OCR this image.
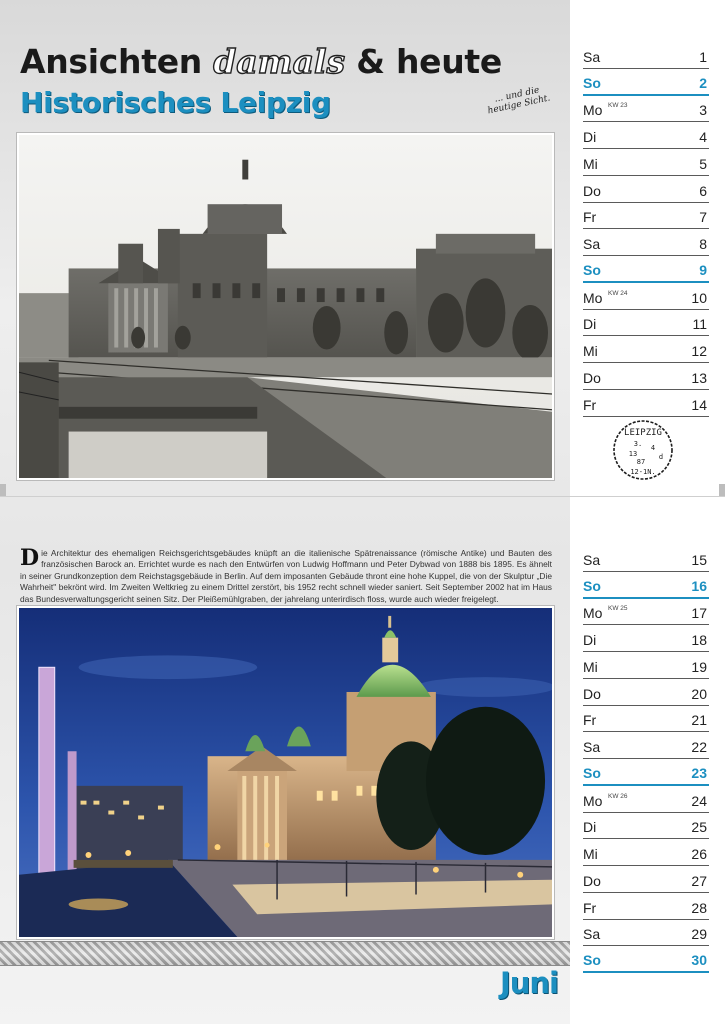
Ansichten damals & heute
Historisches Leipzig	... und die heutige Sicht.
LEIPZIG
3. 4
13	d
87
12-1N.
Die Architektur des ehemaligen Reichsgerichtsgebäudes knüpft an die italienische Spätrenaissance (römische Antike) und Bauten des französischen Barock an. Errichtet wurde es nach den Entwürfen von Ludwig Hoffmann und Peter Dybwad von 1888 bis 1895. Es ähnelt in seiner Grundkonzeption dem Reichstagsgebäude in Berlin. Auf dem imposanten Gebäude thront eine hohe Kuppel, die von der Skulptur „Die Wahrheit" bekrönt wird. Im Zweiten Weltkrieg zu einem Drittel zerstört, bis 1952 recht schnell wieder saniert. Seit September 2002 hat im Haus das Bundesverwaltungsgericht seinen Sitz. Der Pleißemühlgraben, der jahrelang unterirdisch floss, wurde auch wieder freigelegt.
Juni
Sa	1
So	2
Mo KW 23	3
Di	4
Mi	5
Do	6
Fr	7
Sa	8
So	9
Mo KW 24	10
Di	11
Mi	12
Do	13
Fr	14
Sa	15
So	16
Mo KW 25	17
Di	18
Mi	19
Do	20
Fr	21
Sa	22
So	23
Mo KW 26	24
Di	25
Mi	26
Do	27
Fr	28
Sa	29
So	30
